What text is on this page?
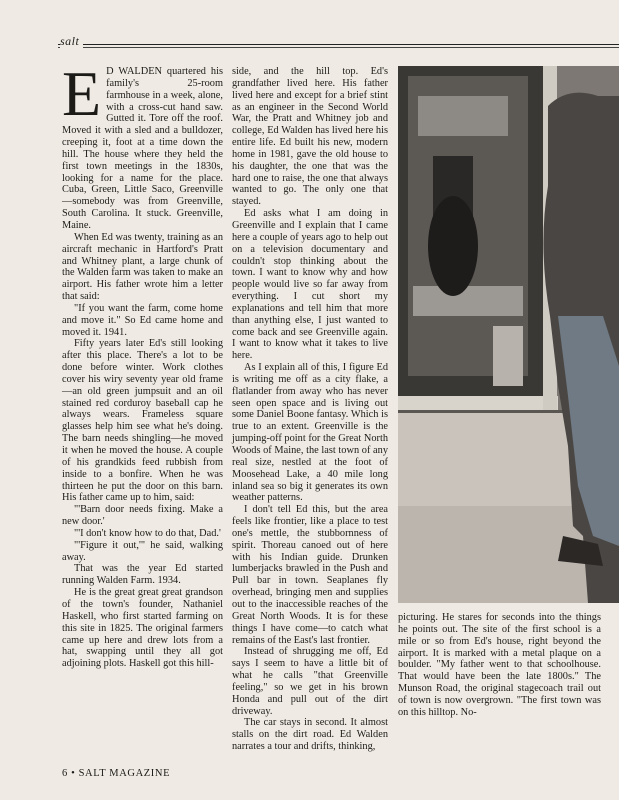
salt

E D WALDEN quartered his family's 25-room farmhouse in a week, alone, with a cross-cut hand saw. Gutted it. Tore off the roof. Moved it with a sled and a bulldozer, creeping it, foot at a time down the hill. The house where they held the first town meetings in the 1830s, looking for a name for the place. Cuba, Green, Little Saco, Greenville—somebody was from Greenville, South Carolina. It stuck. Greenville, Maine.

When Ed was twenty, training as an aircraft mechanic in Hartford's Pratt and Whitney plant, a large chunk of the Walden farm was taken to make an airport. His father wrote him a letter that said:

"If you want the farm, come home and move it." So Ed came home and moved it. 1941.

Fifty years later Ed's still looking after this place. There's a lot to be done before winter. Work clothes cover his wiry seventy year old frame—an old green jumpsuit and an oil stained red corduroy baseball cap he always wears. Frameless square glasses help him see what he's doing. The barn needs shingling—he moved it when he moved the house. A couple of his grandkids feed rubbish from inside to a bonfire. When he was thirteen he put the door on this barn. His father came up to him, said:

"'Barn door needs fixing. Make a new door.'

"'I don't know how to do that, Dad.'

"'Figure it out,'" he said, walking away.

That was the year Ed started running Walden Farm. 1934.

He is the great great great grandson of the town's founder, Nathaniel Haskell, who first started farming on this site in 1825. The original farmers came up here and drew lots from a hat, swapping until they all got adjoining plots. Haskell got this hill-

side, and the hill top. Ed's grandfather lived here. His father lived here and except for a brief stint as an engineer in the Second World War, the Pratt and Whitney job and college, Ed Walden has lived here his entire life. Ed built his new, modern home in 1981, gave the old house to his daughter, the one that was the hard one to raise, the one that always wanted to go. The only one that stayed.

Ed asks what I am doing in Greenville and I explain that I came here a couple of years ago to help out on a television documentary and couldn't stop thinking about the town. I want to know why and how people would live so far away from everything. I cut short my explanations and tell him that more than anything else, I just wanted to come back and see Greenville again. I want to know what it takes to live here.

As I explain all of this, I figure Ed is writing me off as a city flake, a flatlander from away who has never seen open space and is living out some Daniel Boone fantasy. Which is true to an extent. Greenville is the jumping-off point for the Great North Woods of Maine, the last town of any real size, nestled at the foot of Moosehead Lake, a 40 mile long inland sea so big it generates its own weather patterns.

I don't tell Ed this, but the area feels like frontier, like a place to test one's mettle, the stubbornness of spirit. Thoreau canoed out of here with his Indian guide. Drunken lumberjacks brawled in the Push and Pull bar in town. Seaplanes fly overhead, bringing men and supplies out to the inaccessible reaches of the Great North Woods. It is for these things I have come—to catch what remains of the East's last frontier.

Instead of shrugging me off, Ed says I seem to have a little bit of what he calls "that Greenville feeling," so we get in his brown Honda and pull out of the dirt driveway.

The car stays in second. It almost stalls on the dirt road. Ed Walden narrates a tour and drifts, thinking,

picturing. He stares for seconds into the things he points out. The site of the first school is a mile or so from Ed's house, right beyond the airport. It is marked with a metal plaque on a boulder. "My father went to that schoolhouse. That would have been the late 1800s." The Munson Road, the original stagecoach trail out of town is now overgrown. "The first town was on this hilltop. No-

6 • SALT MAGAZINE
